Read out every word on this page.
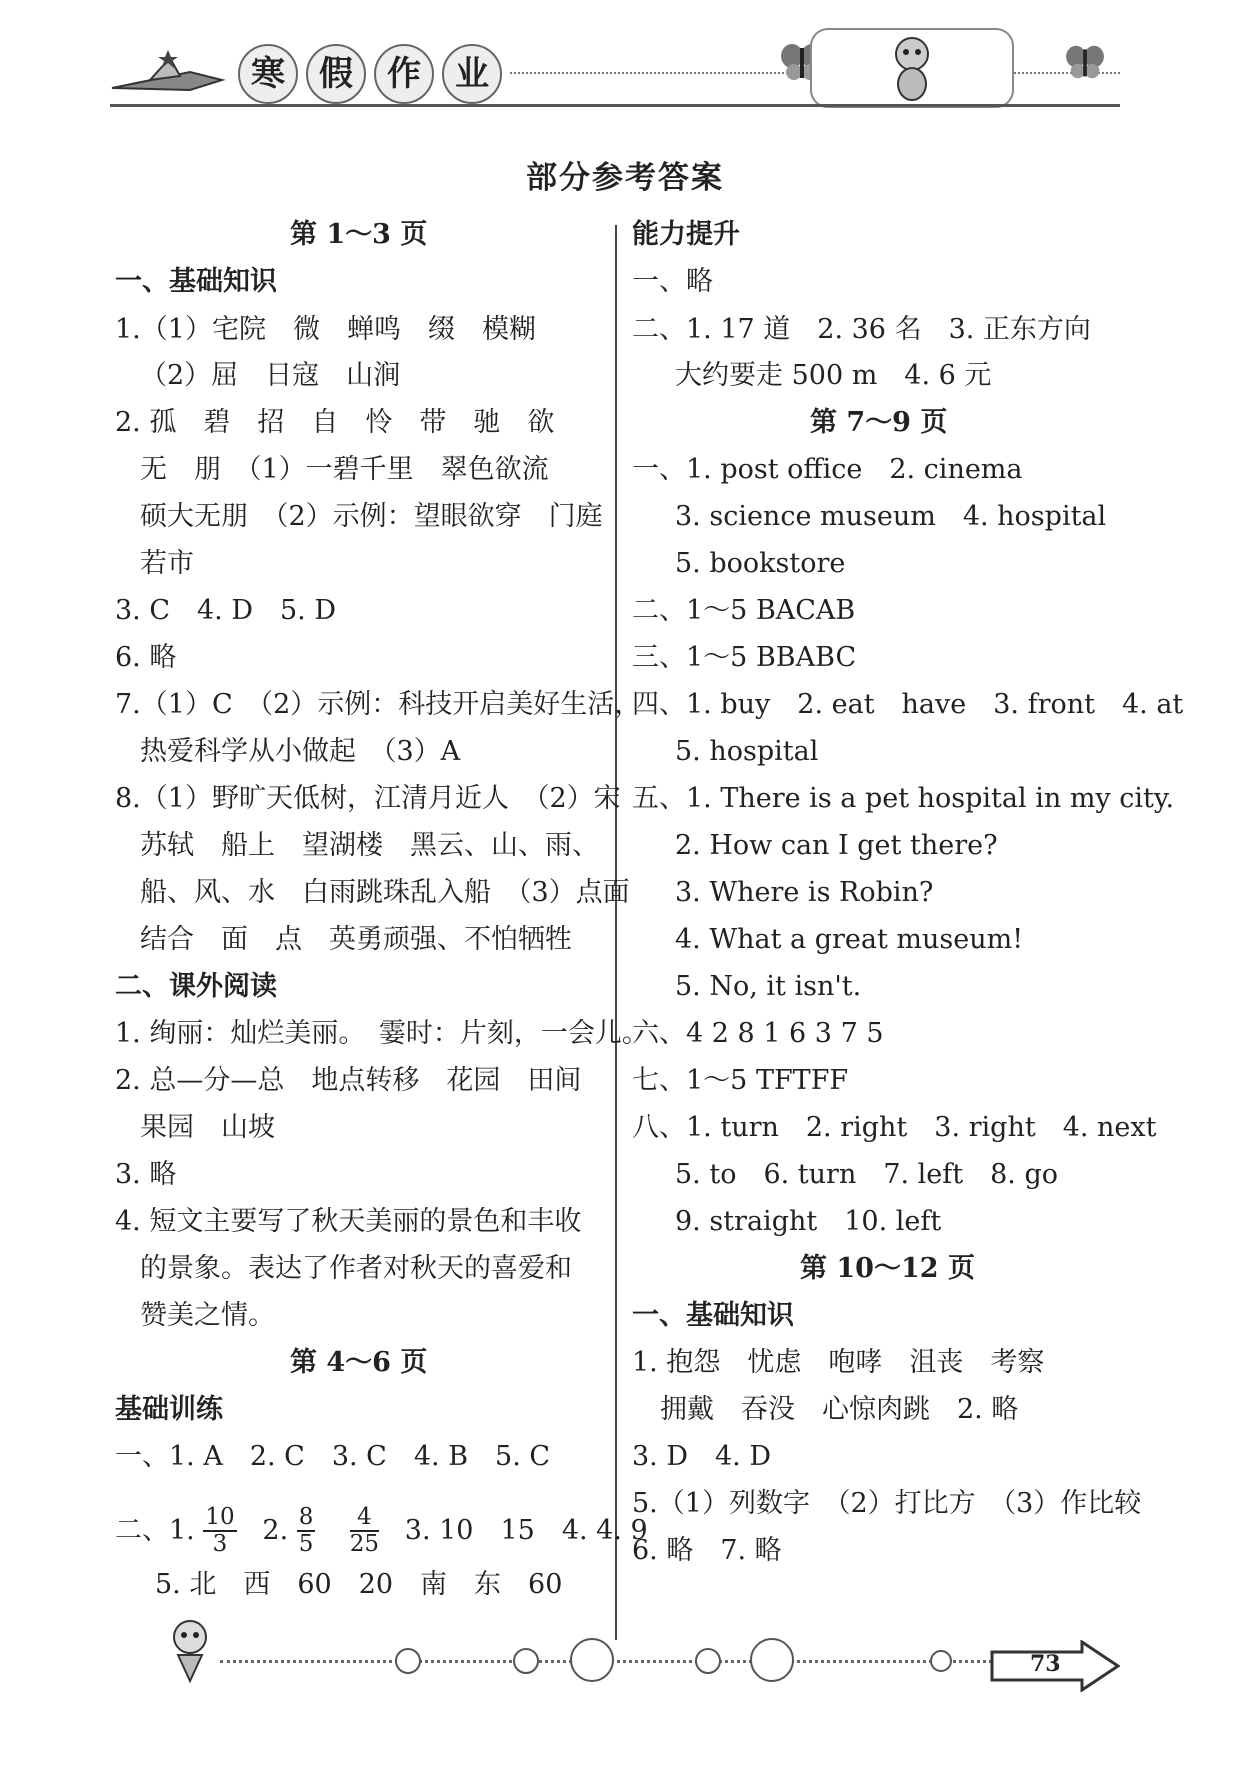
寒	假	作	业
部分参考答案
第 1～3 页
一、基础知识
1.（1）宅院　微　蝉鸣　缀　模糊
（2）屈　日寇　山涧
2. 孤　碧　招　自　怜　带　驰　欲
无　朋　（1）一碧千里　翠色欲流
硕大无朋　（2）示例：望眼欲穿　门庭
若市
3. C　4. D　5. D
6. 略
7.（1）C　（2）示例：科技开启美好生活，
热爱科学从小做起　（3）A
8.（1）野旷天低树，江清月近人　（2）宋
苏轼　船上　望湖楼　黑云、山、雨、
船、风、水　白雨跳珠乱入船　（3）点面
结合　面　点　英勇顽强、不怕牺牲
二、课外阅读
1. 绚丽：灿烂美丽。　霎时：片刻，一会儿。
2. 总—分—总　地点转移　花园　田间
果园　山坡
3. 略
4. 短文主要写了秋天美丽的景色和丰收
的景象。表达了作者对秋天的喜爱和
赞美之情。
第 4～6 页
基础训练
一、1. A　2. C　3. C　4. B　5. C
5. 北　西　60　20　南　东　60
能力提升
一、略
二、1. 17 道　2. 36 名　3. 正东方向
大约要走 500 m　4. 6 元
第 7～9 页
一、1. post office　2. cinema
3. science museum　4. hospital
5. bookstore
二、1～5 BACAB
三、1～5 BBABC
四、1. buy　2. eat　have　3. front　4. at
5. hospital
五、1. There is a pet hospital in my city.
2. How can I get there?
3. Where is Robin?
4. What a great museum!
5. No, it isn't.
六、4 2 8 1 6 3 7 5
七、1～5 TFTFF
八、1. turn　2. right　3. right　4. next
5. to　6. turn　7. left　8. go
9. straight　10. left
第 10～12 页
一、基础知识
1. 抱怨　忧虑　咆哮　沮丧　考察
拥戴　吞没　心惊肉跳　2. 略
3. D　4. D
5.（1）列数字　（2）打比方　（3）作比较
6. 略　7. 略
二、1. $\frac{10}{3} 2$. $\frac{8}{5}$
$\frac{4}{25} 3$. 10　15　4. 4. 9
73
